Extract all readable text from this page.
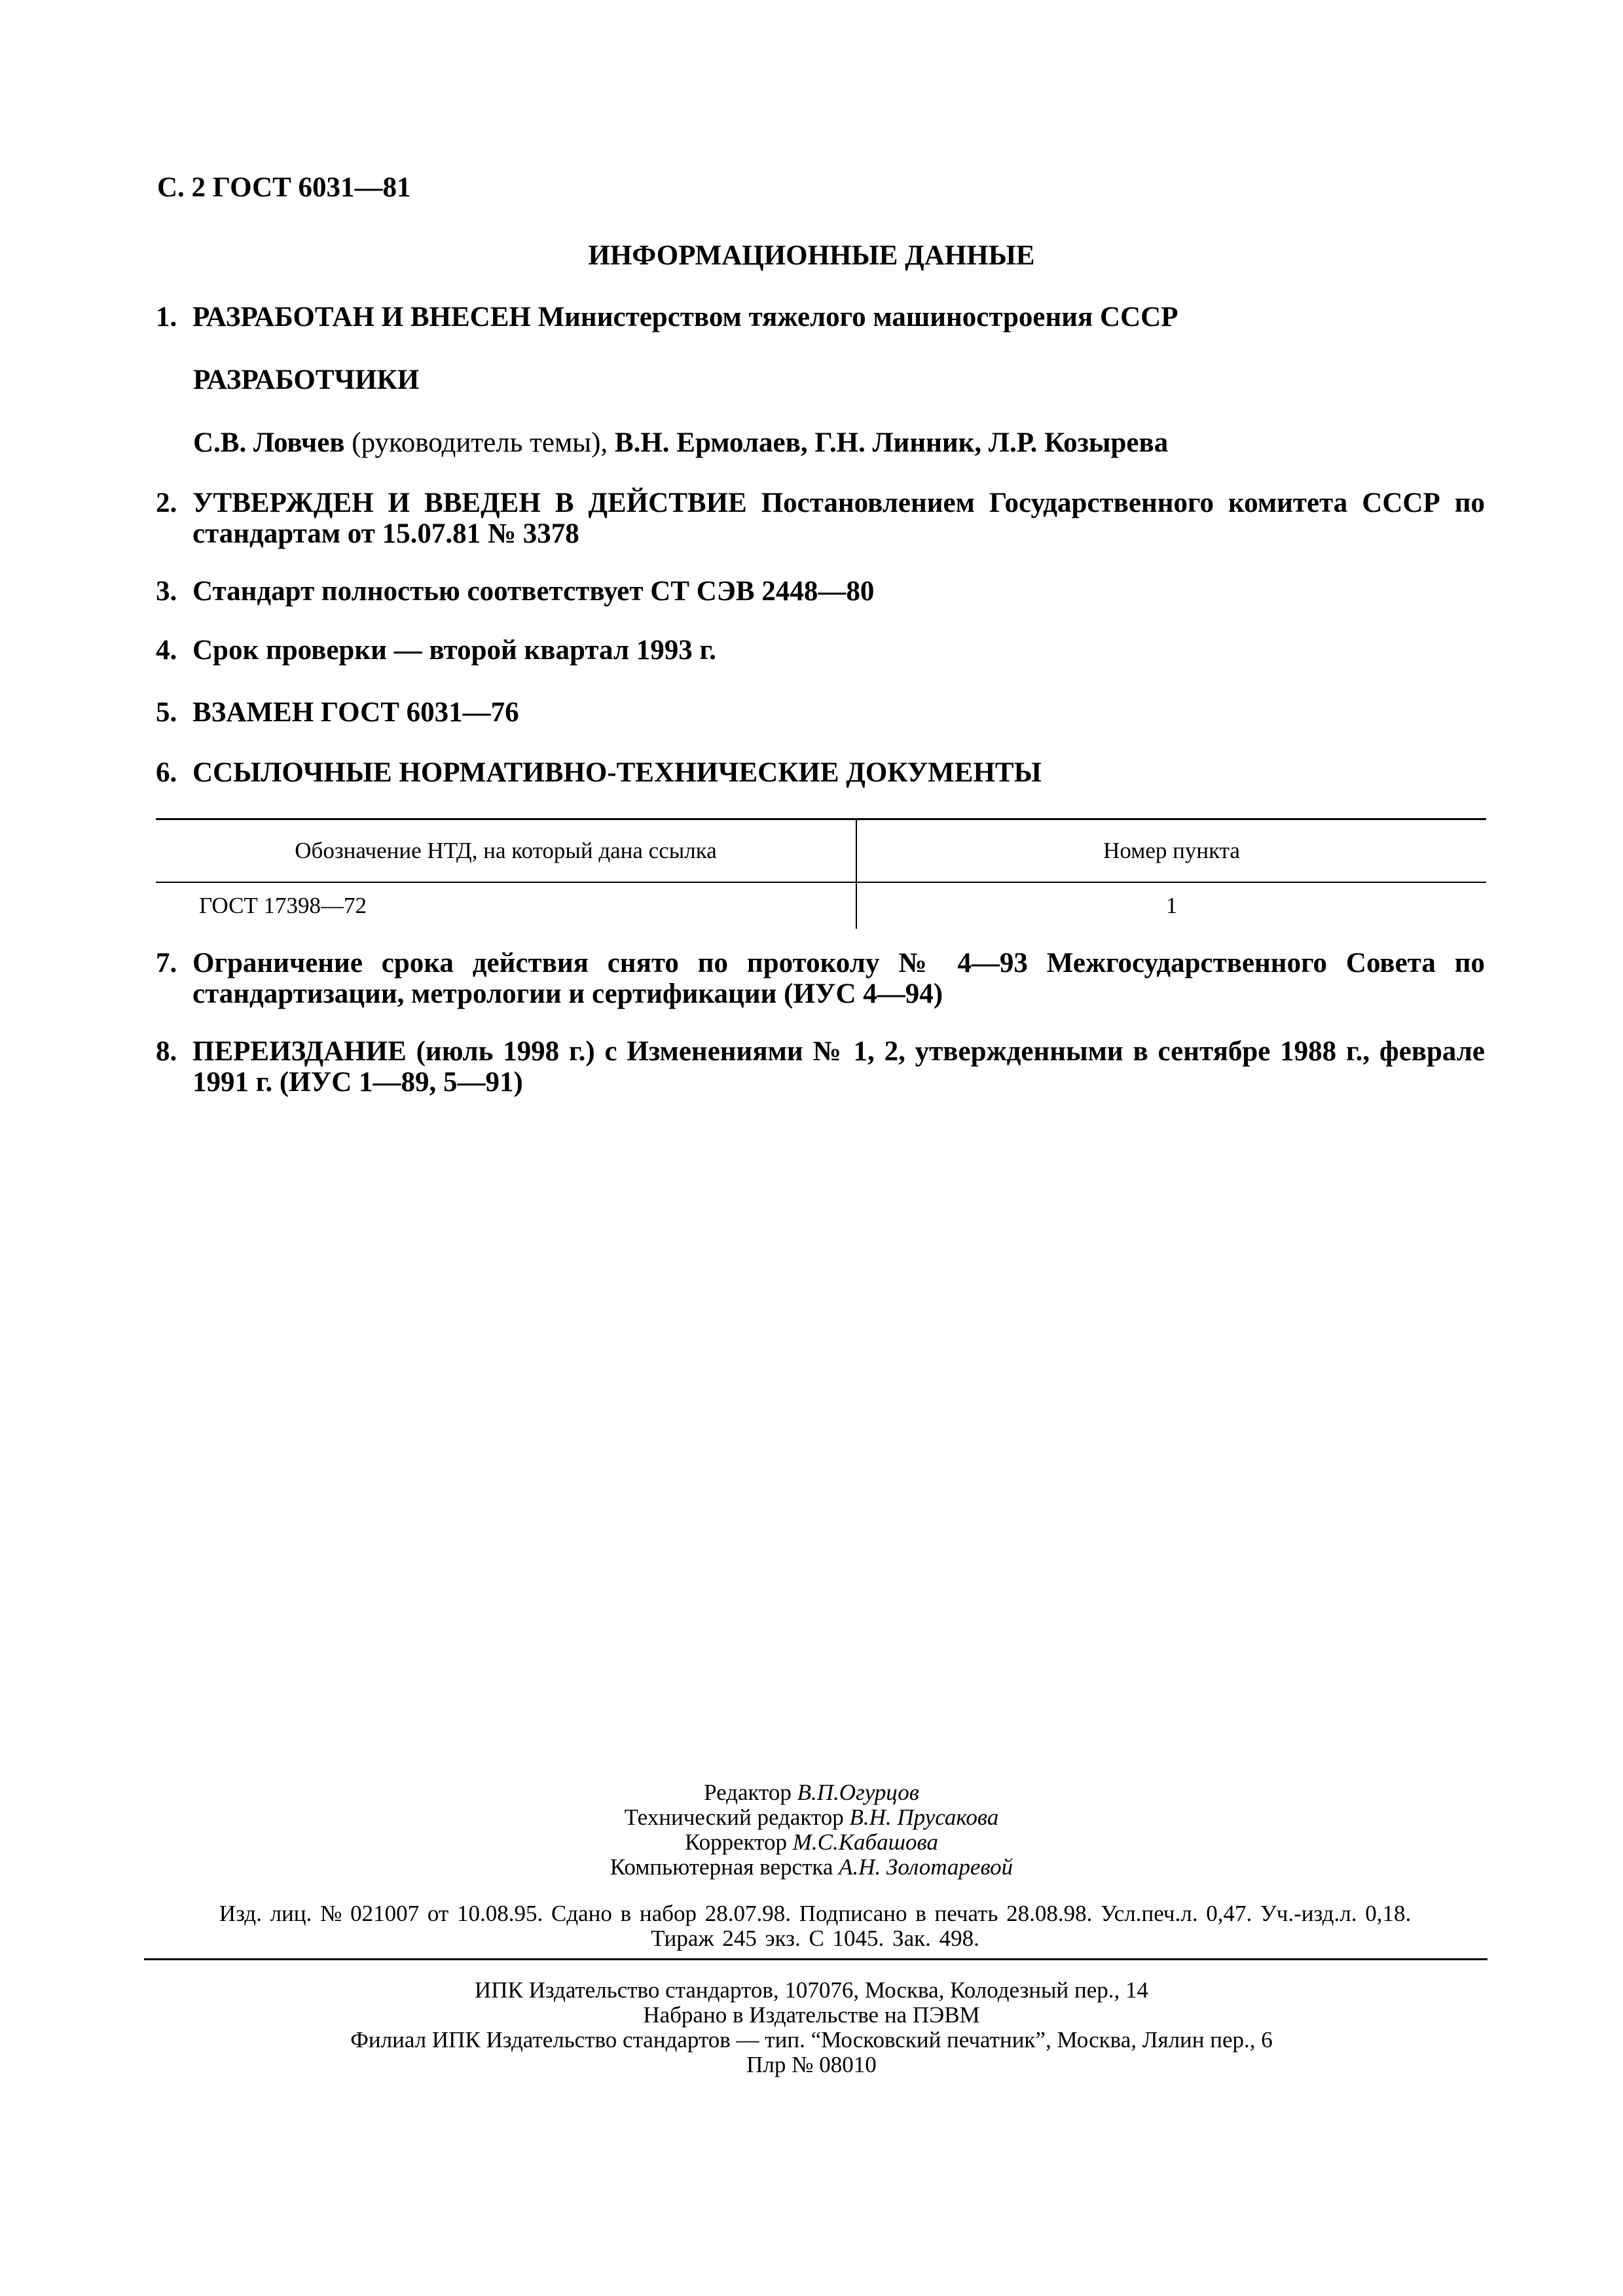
С. 2 ГОСТ 6031—81
ИНФОРМАЦИОННЫЕ ДАННЫЕ
1. РАЗРАБОТАН И ВНЕСЕН Министерством тяжелого машиностроения СССР
РАЗРАБОТЧИКИ
С.В. Ловчев (руководитель темы), В.Н. Ермолаев, Г.Н. Линник, Л.Р. Козырева
2. УТВЕРЖДЕН И ВВЕДЕН В ДЕЙСТВИЕ Постановлением Государственного комитета СССР по стандартам от 15.07.81 № 3378
3. Стандарт полностью соответствует СТ СЭВ 2448—80
4. Срок проверки — второй квартал 1993 г.
5. ВЗАМЕН ГОСТ 6031—76
6. ССЫЛОЧНЫЕ НОРМАТИВНО-ТЕХНИЧЕСКИЕ ДОКУМЕНТЫ
Обозначение НТД, на который дана ссылка	Номер пункта
ГОСТ 17398—72	1
7. Ограничение срока действия снято по протоколу № 4—93 Межгосударственного Совета по стандартизации, метрологии и сертификации (ИУС 4—94)
8. ПЕРЕИЗДАНИЕ (июль 1998 г.) с Изменениями № 1, 2, утвержденными в сентябре 1988 г., феврале 1991 г. (ИУС 1—89, 5—91)
Редактор В.П.Огурцов
Технический редактор В.Н. Прусакова
Корректор М.С.Кабашова
Компьютерная верстка А.Н. Золотаревой
Изд. лиц. № 021007 от 10.08.95. Сдано в набор 28.07.98. Подписано в печать 28.08.98. Усл.печ.л. 0,47. Уч.-изд.л. 0,18.
Тираж 245 экз. С 1045. Зак. 498.
ИПК Издательство стандартов, 107076, Москва, Колодезный пер., 14
Набрано в Издательстве на ПЭВМ
Филиал ИПК Издательство стандартов — тип. “Московский печатник”, Москва, Лялин пер., 6
Плр № 08010
